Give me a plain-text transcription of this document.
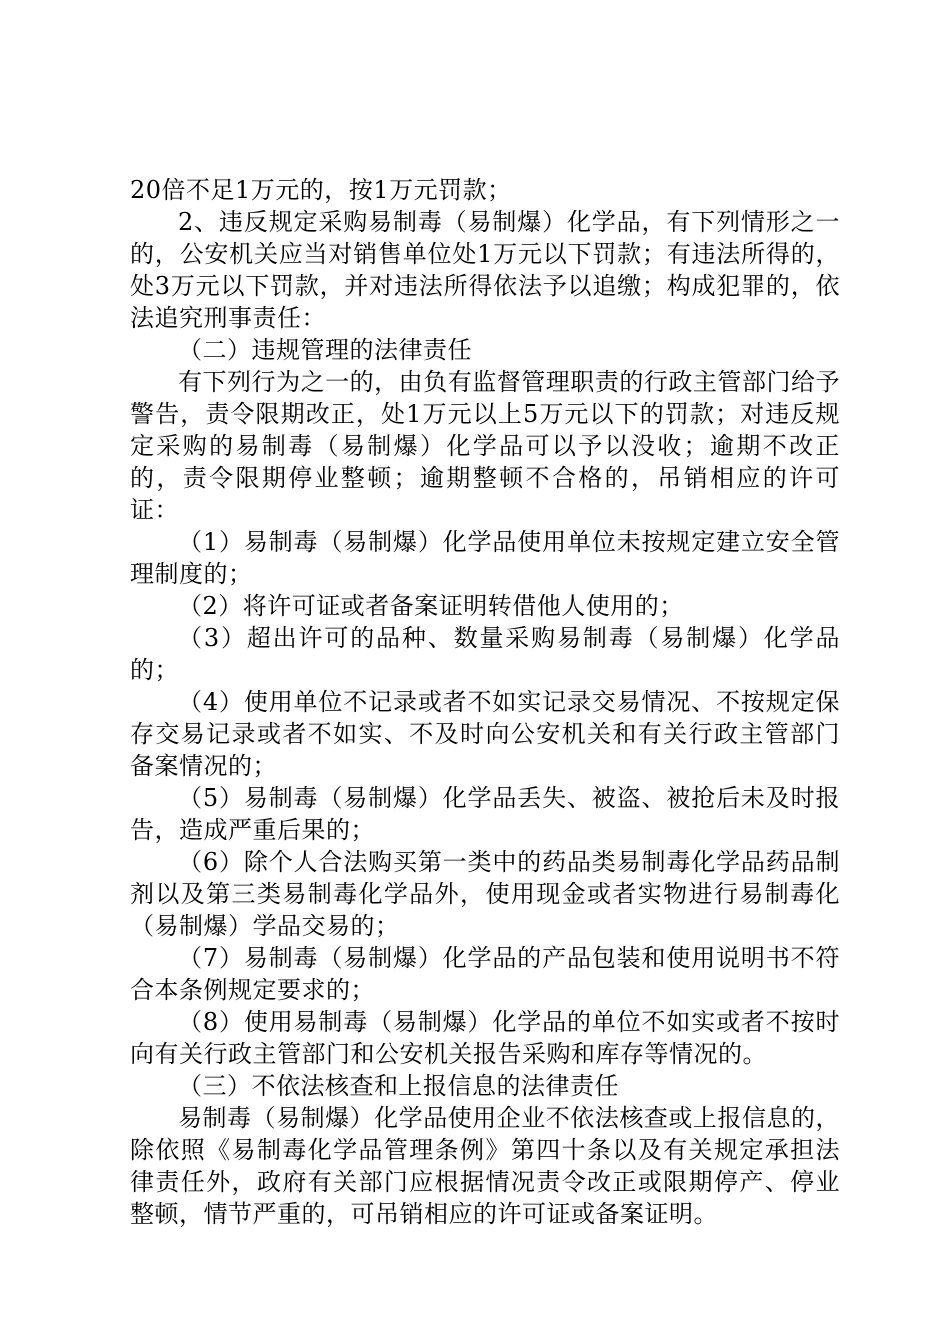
20倍不足1万元的，按1万元罚款；

2、违反规定采购易制毒（易制爆）化学品，有下列情形之一的，公安机关应当对销售单位处1万元以下罚款；有违法所得的，处3万元以下罚款，并对违法所得依法予以追缴；构成犯罪的，依法追究刑事责任：

（二）违规管理的法律责任

有下列行为之一的，由负有监督管理职责的行政主管部门给予警告，责令限期改正，处1万元以上5万元以下的罚款；对违反规定采购的易制毒（易制爆）化学品可以予以没收；逾期不改正的，责令限期停业整顿；逾期整顿不合格的，吊销相应的许可证：

（1）易制毒（易制爆）化学品使用单位未按规定建立安全管理制度的；

（2）将许可证或者备案证明转借他人使用的；

（3）超出许可的品种、数量采购易制毒（易制爆）化学品的；

（4）使用单位不记录或者不如实记录交易情况、不按规定保存交易记录或者不如实、不及时向公安机关和有关行政主管部门备案情况的；

（5）易制毒（易制爆）化学品丢失、被盗、被抢后未及时报告，造成严重后果的；

（6）除个人合法购买第一类中的药品类易制毒化学品药品制剂以及第三类易制毒化学品外，使用现金或者实物进行易制毒化（易制爆）学品交易的；

（7）易制毒（易制爆）化学品的产品包装和使用说明书不符合本条例规定要求的；

（8）使用易制毒（易制爆）化学品的单位不如实或者不按时向有关行政主管部门和公安机关报告采购和库存等情况的。

（三）不依法核查和上报信息的法律责任

易制毒（易制爆）化学品使用企业不依法核查或上报信息的，除依照《易制毒化学品管理条例》第四十条以及有关规定承担法律责任外，政府有关部门应根据情况责令改正或限期停产、停业整顿，情节严重的，可吊销相应的许可证或备案证明。
